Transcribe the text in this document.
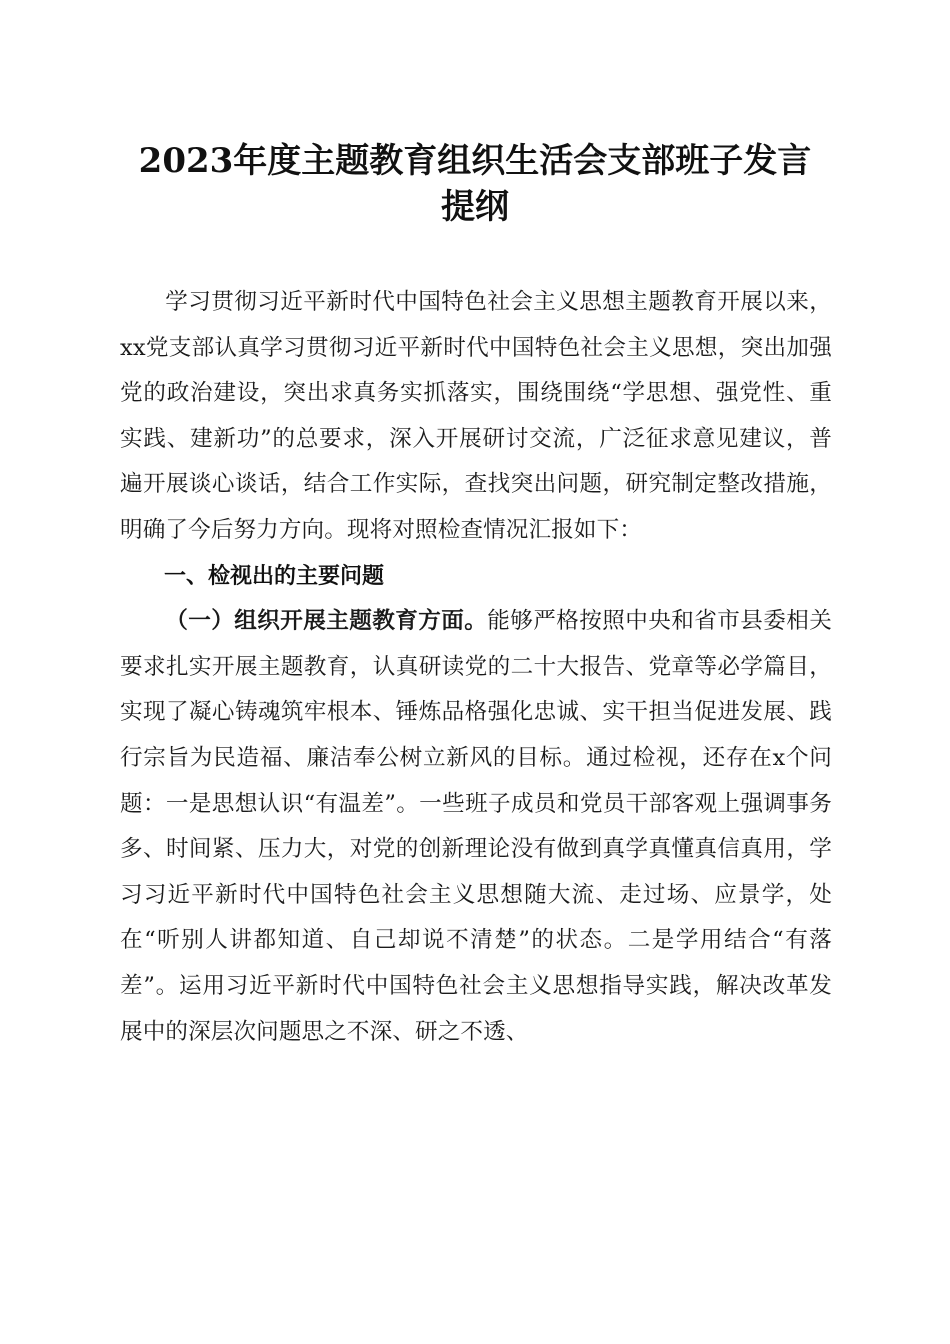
2023年度主题教育组织生活会支部班子发言
提纲

学习贯彻习近平新时代中国特色社会主义思想主题教育开展以来，xx党支部认真学习贯彻习近平新时代中国特色社会主义思想，突出加强党的政治建设，突出求真务实抓落实，围绕围绕“学思想、强党性、重实践、建新功”的总要求，深入开展研讨交流，广泛征求意见建议，普遍开展谈心谈话，结合工作实际，查找突出问题，研究制定整改措施，明确了今后努力方向。现将对照检查情况汇报如下：

一、检视出的主要问题

（一）组织开展主题教育方面。能够严格按照中央和省市县委相关要求扎实开展主题教育，认真研读党的二十大报告、党章等必学篇目，实现了凝心铸魂筑牢根本、锤炼品格强化忠诚、实干担当促进发展、践行宗旨为民造福、廉洁奉公树立新风的目标。通过检视，还存在x个问题：一是思想认识“有温差”。一些班子成员和党员干部客观上强调事务多、时间紧、压力大，对党的创新理论没有做到真学真懂真信真用，学习习近平新时代中国特色社会主义思想随大流、走过场、应景学，处在“听别人讲都知道、自己却说不清楚”的状态。二是学用结合“有落差”。运用习近平新时代中国特色社会主义思想指导实践，解决改革发展中的深层次问题思之不深、研之不透、
